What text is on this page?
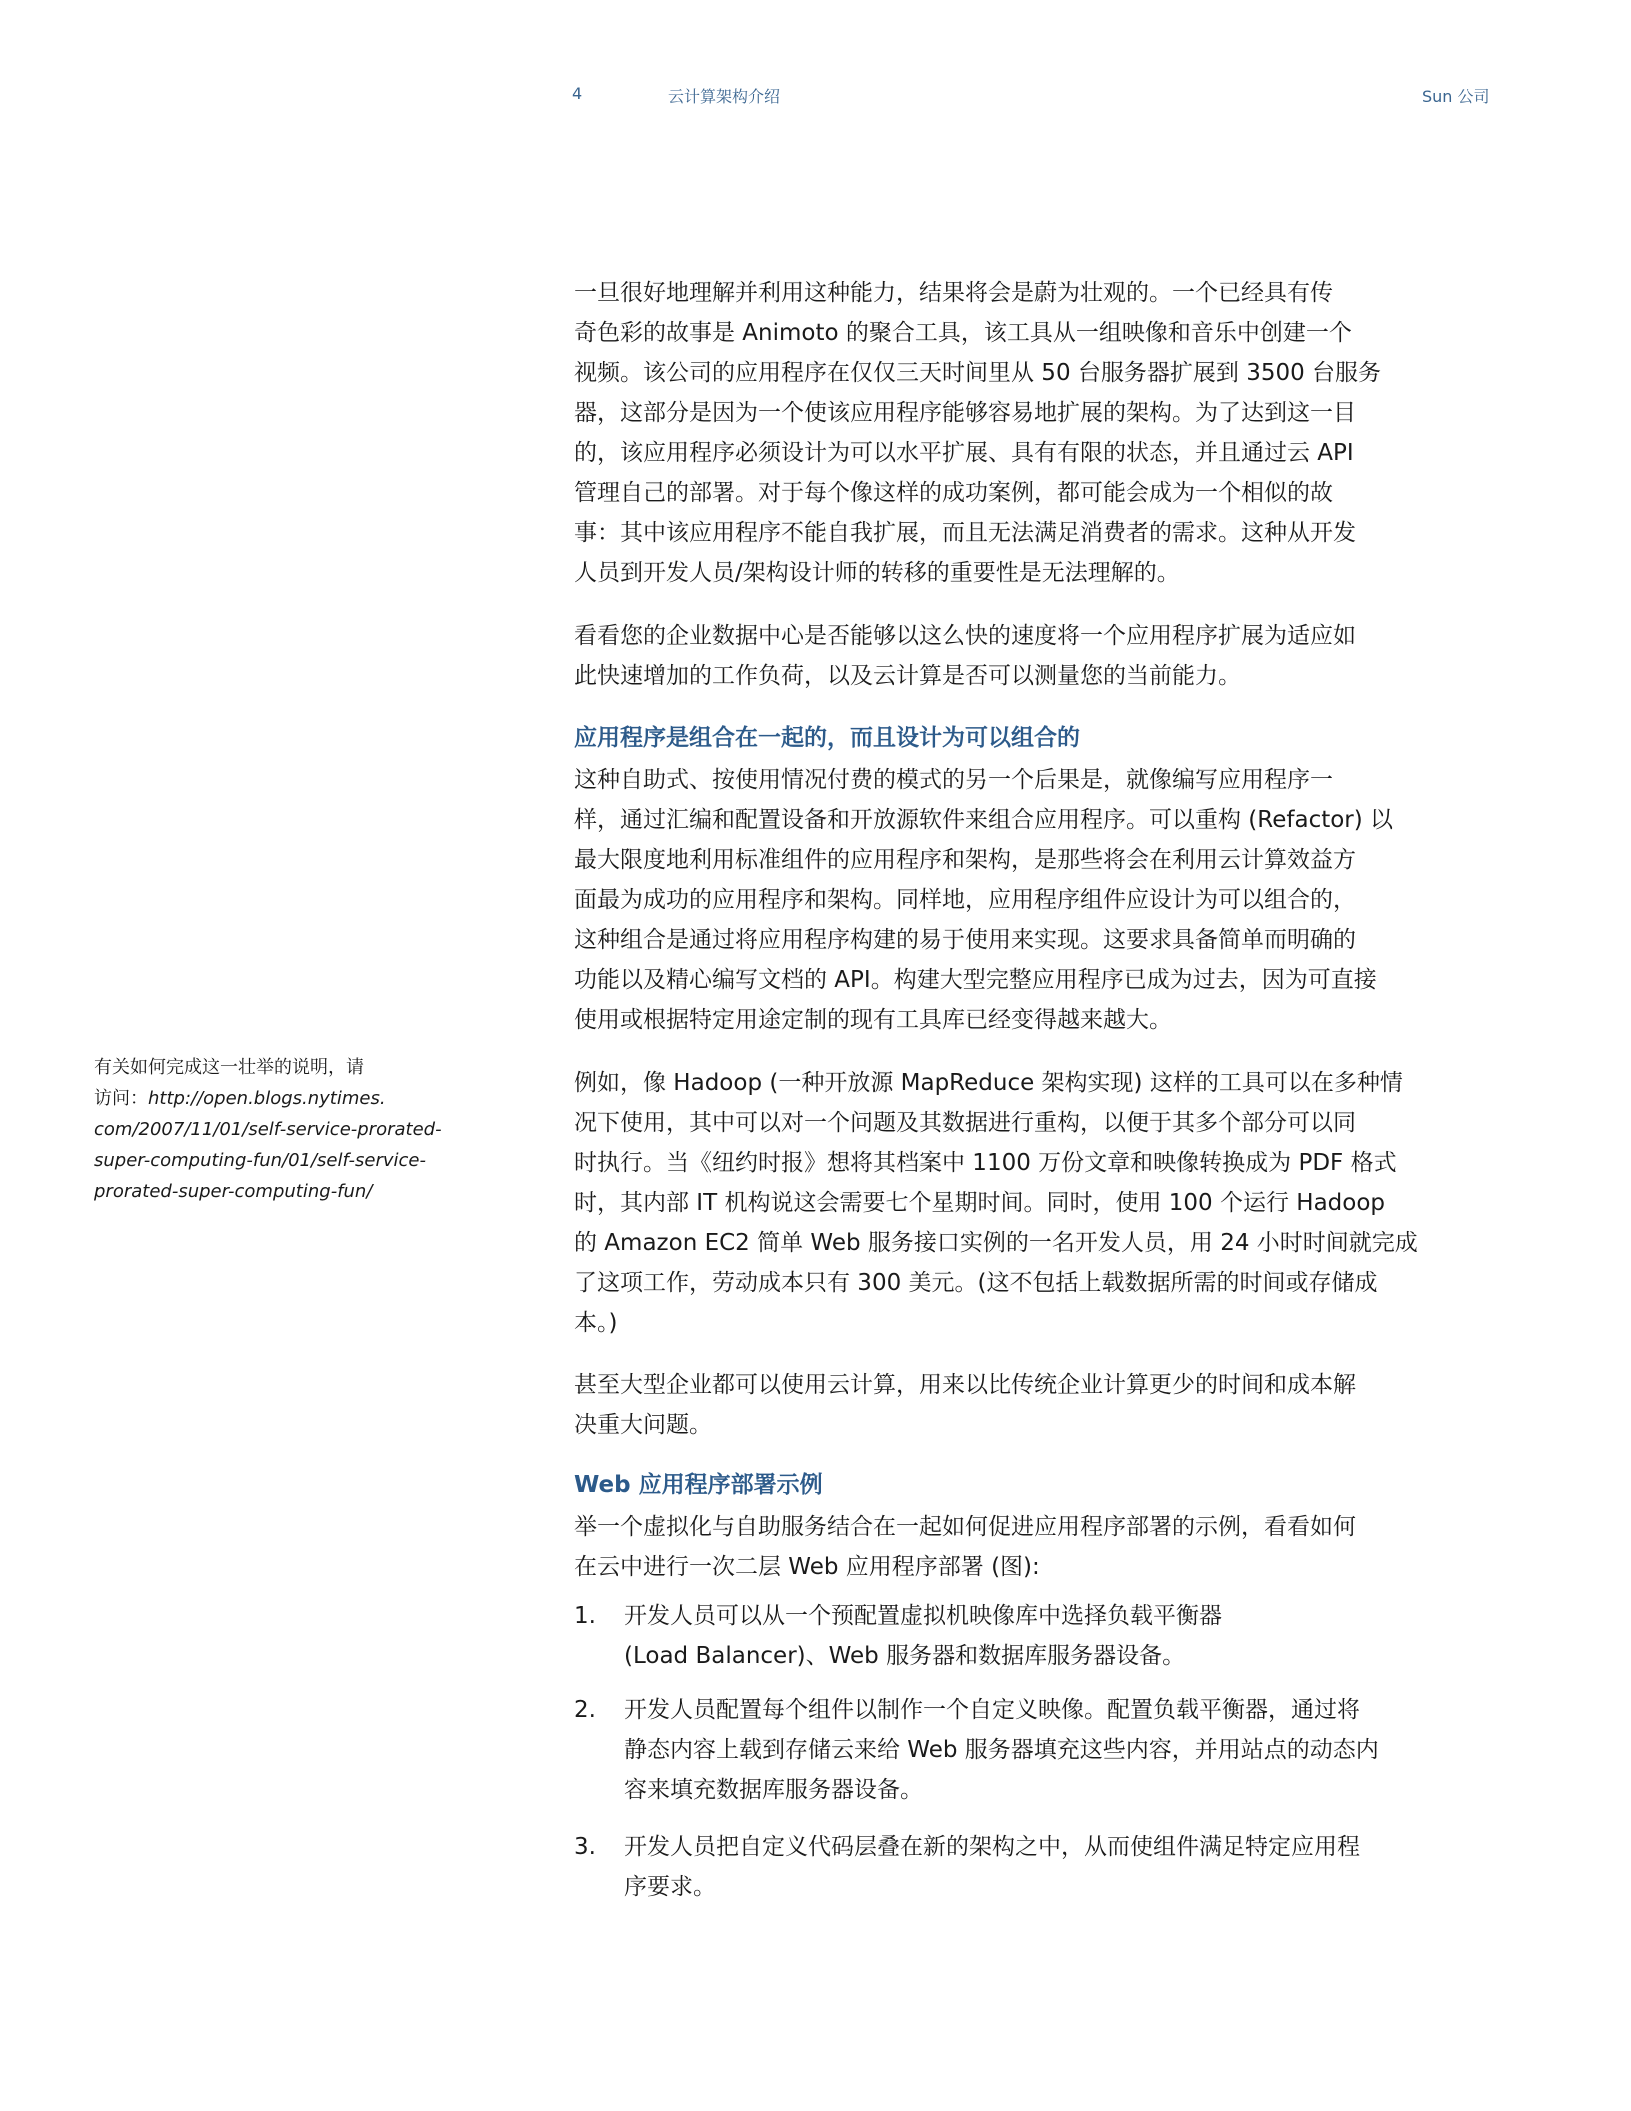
4	云计算架构介绍	Sun 公司
一旦很好地理解并利用这种能力，结果将会是蔚为壮观的。一个已经具有传
奇色彩的故事是 Animoto 的聚合工具，该工具从一组映像和音乐中创建一个
视频。该公司的应用程序在仅仅三天时间里从 50 台服务器扩展到 3500 台服务
器，这部分是因为一个使该应用程序能够容易地扩展的架构。为了达到这一目
的，该应用程序必须设计为可以水平扩展、具有有限的状态，并且通过云 API
管理自己的部署。对于每个像这样的成功案例，都可能会成为一个相似的故
事：其中该应用程序不能自我扩展，而且无法满足消费者的需求。这种从开发
人员到开发人员/架构设计师的转移的重要性是无法理解的。
看看您的企业数据中心是否能够以这么快的速度将一个应用程序扩展为适应如
此快速增加的工作负荷，以及云计算是否可以测量您的当前能力。
应用程序是组合在一起的，而且设计为可以组合的
这种自助式、按使用情况付费的模式的另一个后果是，就像编写应用程序一
样，通过汇编和配置设备和开放源软件来组合应用程序。可以重构 (Refactor) 以
最大限度地利用标准组件的应用程序和架构，是那些将会在利用云计算效益方
面最为成功的应用程序和架构。同样地，应用程序组件应设计为可以组合的，
这种组合是通过将应用程序构建的易于使用来实现。这要求具备简单而明确的
功能以及精心编写文档的 API。构建大型完整应用程序已成为过去，因为可直接
使用或根据特定用途定制的现有工具库已经变得越来越大。
例如，像 Hadoop (一种开放源 MapReduce 架构实现) 这样的工具可以在多种情
况下使用，其中可以对一个问题及其数据进行重构，以便于其多个部分可以同
时执行。当《纽约时报》想将其档案中 1100 万份文章和映像转换成为 PDF 格式
时，其内部 IT 机构说这会需要七个星期时间。同时，使用 100 个运行 Hadoop
的 Amazon EC2 简单 Web 服务接口实例的一名开发人员，用 24 小时时间就完成
了这项工作，劳动成本只有 300 美元。(这不包括上载数据所需的时间或存储成
本。)
甚至大型企业都可以使用云计算，用来以比传统企业计算更少的时间和成本解
决重大问题。
Web 应用程序部署示例
举一个虚拟化与自助服务结合在一起如何促进应用程序部署的示例，看看如何
在云中进行一次二层 Web 应用程序部署 (图):
1. 开发人员可以从一个预配置虚拟机映像库中选择负载平衡器
(Load Balancer)、Web 服务器和数据库服务器设备。
2. 开发人员配置每个组件以制作一个自定义映像。配置负载平衡器，通过将
静态内容上载到存储云来给 Web 服务器填充这些内容，并用站点的动态内
容来填充数据库服务器设备。
3. 开发人员把自定义代码层叠在新的架构之中，从而使组件满足特定应用程
序要求。
有关如何完成这一壮举的说明，请
访问：http://open.blogs.nytimes.
com/2007/11/01/self-service-prorated-
super-computing-fun/01/self-service-
prorated-super-computing-fun/
